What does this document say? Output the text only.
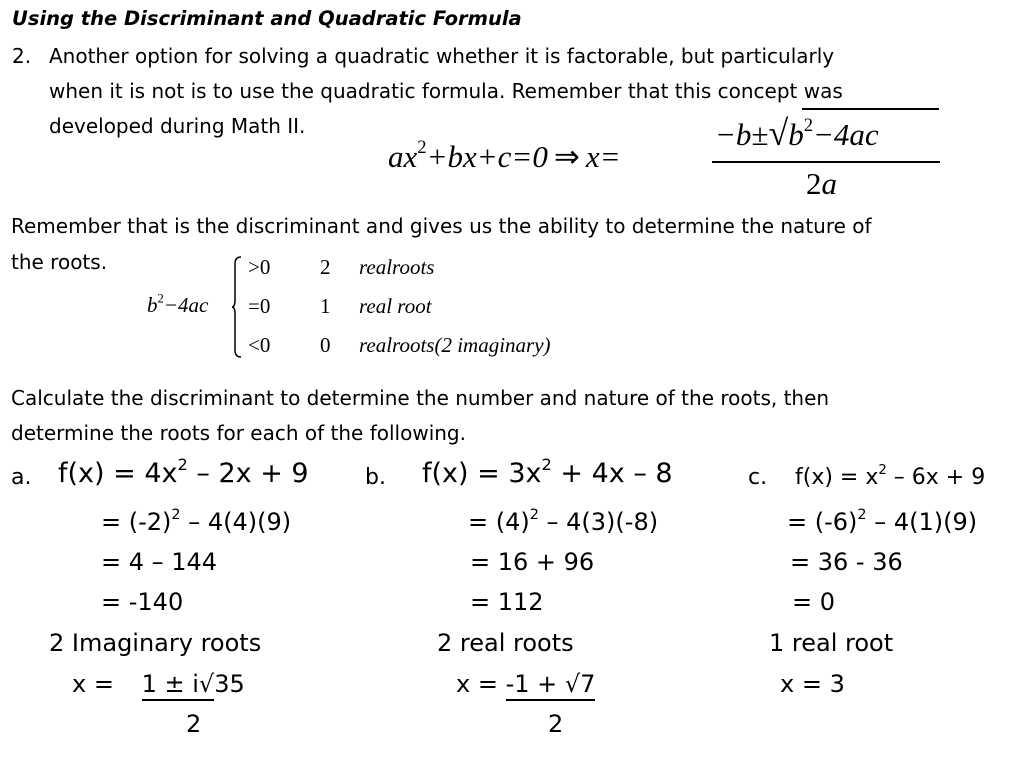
Using the Discriminant and Quadratic Formula
2. Another option for solving a quadratic whether it is factorable, but particularly
when it is not is to use the quadratic formula. Remember that this concept was
developed during Math II.
$ax^2+bx+c=0$ ⇒ x=
$-b\pm√b^2-4ac$
2a
Remember that is the discriminant and gives us the ability to determine the nature of
the roots.
$b^2-4ac$
>0 2 realroots
=0 1 real root
<0 0 realroots(2 imaginary)
Calculate the discriminant to determine the number and nature of the roots, then
determine the roots for each of the following.
a. $f(x) = 4x^2 - 2x + 9$
= $(-2)^2 - 4(4)(9)$
= 4 – 144
= -140
2 Imaginary roots
x = 1 ± i√35
2
b. $f(x) = 3x^2 + 4x - 8$
= $(4)^2 - 4(3)(-8)$
= 16 + 96
= 112
2 real roots
x = -1 + √7
2
c. $f(x) = x^2 - 6x + 9$
= $(-6)^2 - 4(1)(9)$
= 36 - 36
= 0
1 real root
x = 3
